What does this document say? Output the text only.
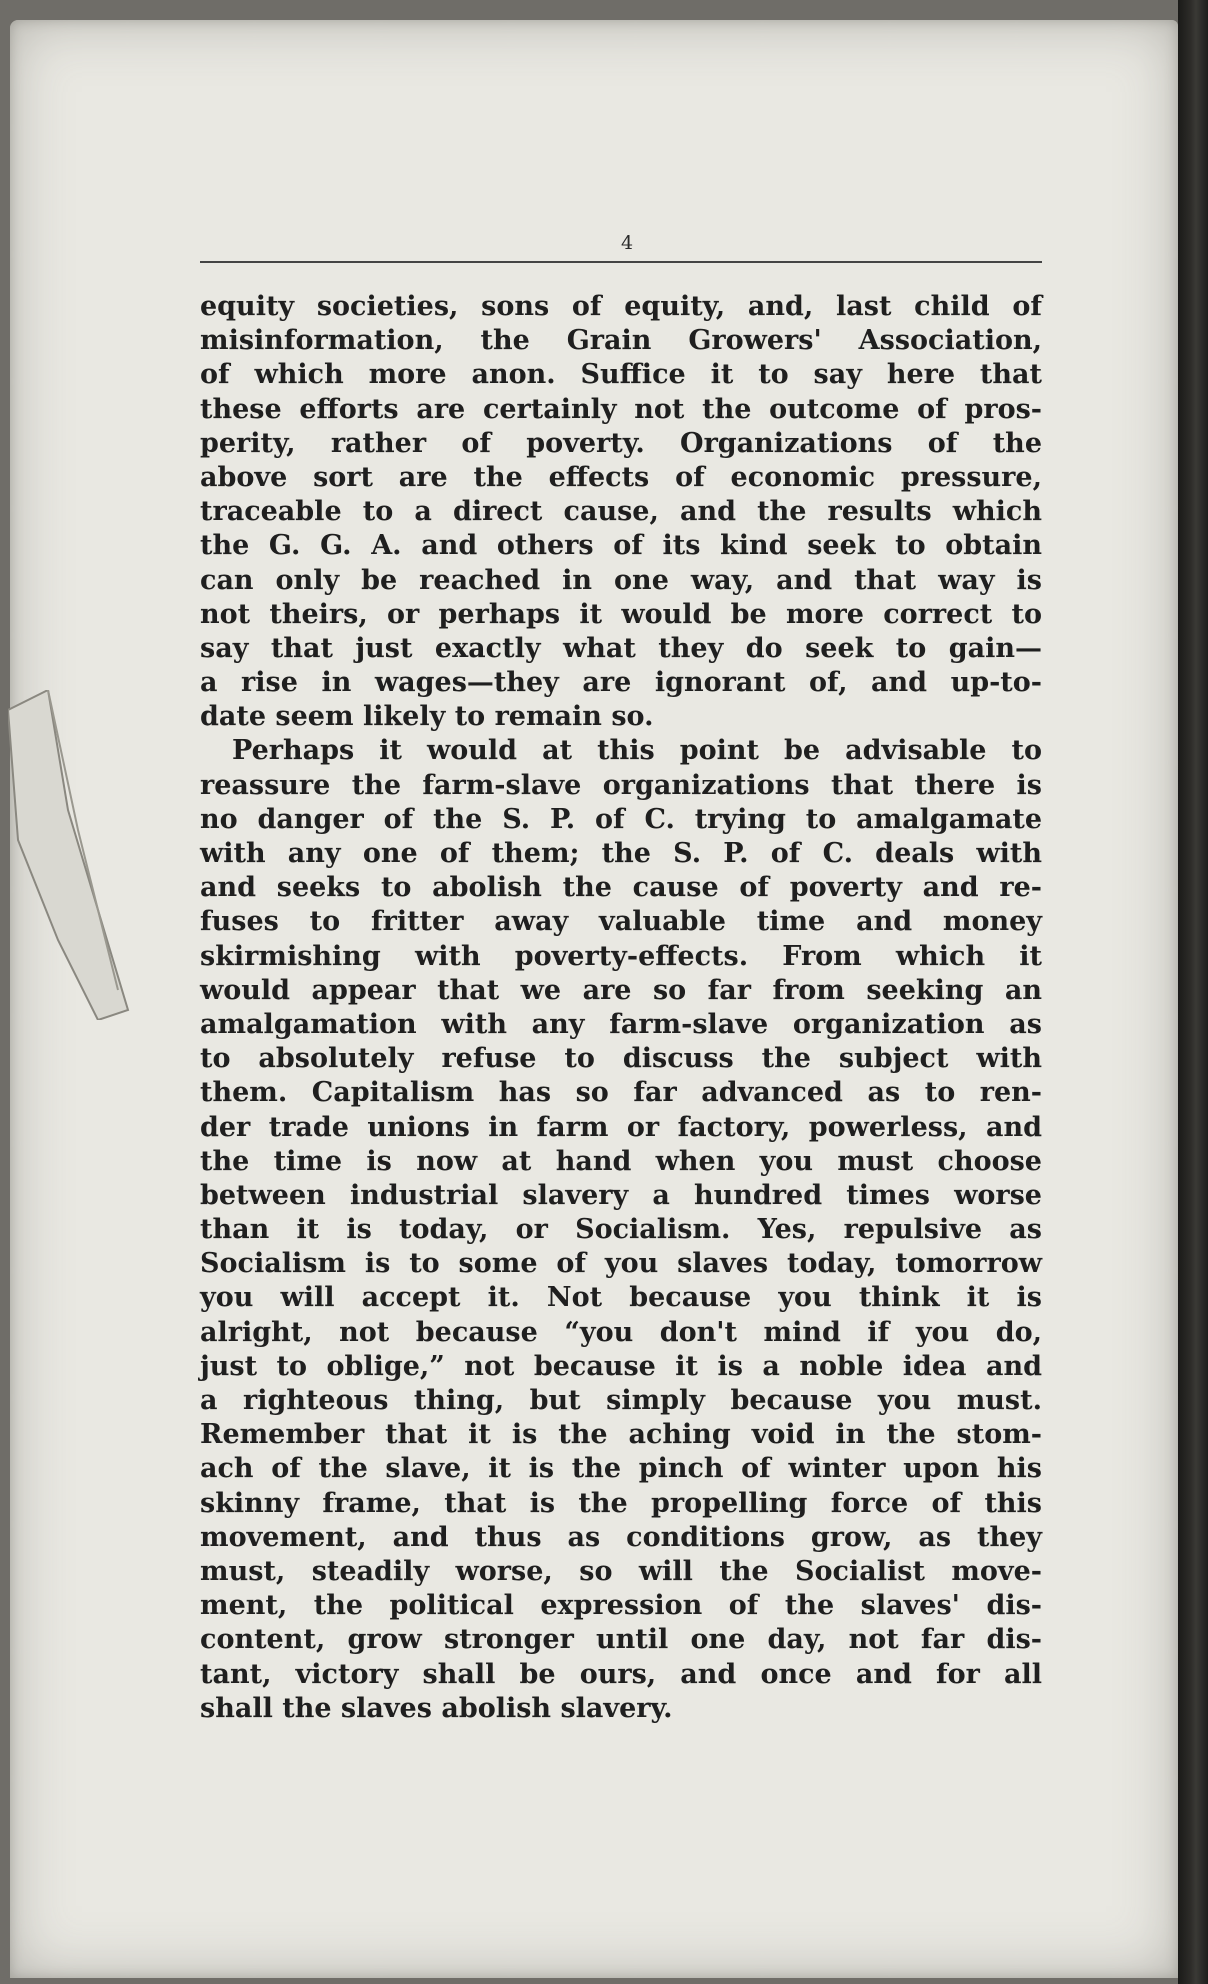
4
equity societies, sons of equity, and, last child of
misinformation, the Grain Growers' Association,
of which more anon. Suffice it to say here that
these efforts are certainly not the outcome of pros-
perity, rather of poverty. Organizations of the
above sort are the effects of economic pressure,
traceable to a direct cause, and the results which
the G. G. A. and others of its kind seek to obtain
can only be reached in one way, and that way is
not theirs, or perhaps it would be more correct to
say that just exactly what they do seek to gain—
a rise in wages—they are ignorant of, and up-to-
date seem likely to remain so.
Perhaps it would at this point be advisable to
reassure the farm-slave organizations that there is
no danger of the S. P. of C. trying to amalgamate
with any one of them; the S. P. of C. deals with
and seeks to abolish the cause of poverty and re-
fuses to fritter away valuable time and money
skirmishing with poverty-effects. From which it
would appear that we are so far from seeking an
amalgamation with any farm-slave organization as
to absolutely refuse to discuss the subject with
them. Capitalism has so far advanced as to ren-
der trade unions in farm or factory, powerless, and
the time is now at hand when you must choose
between industrial slavery a hundred times worse
than it is today, or Socialism. Yes, repulsive as
Socialism is to some of you slaves today, tomorrow
you will accept it. Not because you think it is
alright, not because “you don't mind if you do,
just to oblige,” not because it is a noble idea and
a righteous thing, but simply because you must.
Remember that it is the aching void in the stom-
ach of the slave, it is the pinch of winter upon his
skinny frame, that is the propelling force of this
movement, and thus as conditions grow, as they
must, steadily worse, so will the Socialist move-
ment, the political expression of the slaves' dis-
content, grow stronger until one day, not far dis-
tant, victory shall be ours, and once and for all
shall the slaves abolish slavery.
